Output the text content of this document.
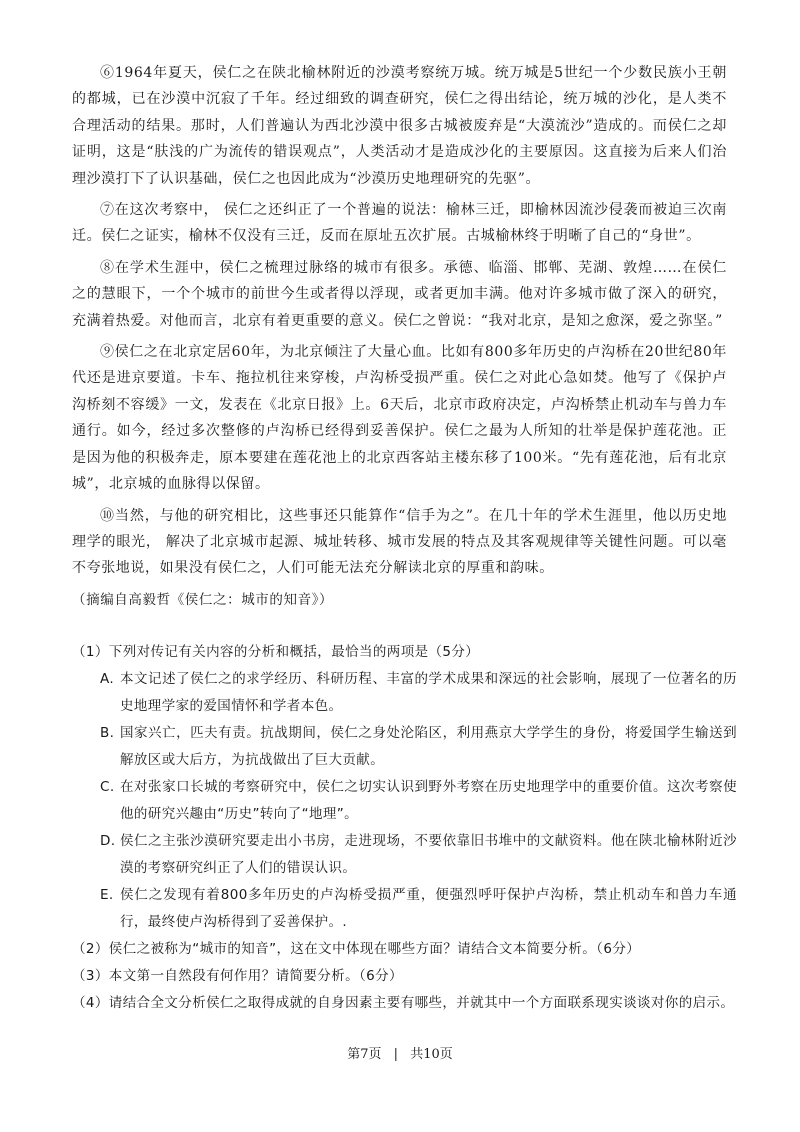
⑥1964年夏天，侯仁之在陕北榆林附近的沙漠考察统万城。统万城是5世纪一个少数民族小王朝的都城，已在沙漠中沉寂了千年。经过细致的调查研究，侯仁之得出结论，统万城的沙化，是人类不合理活动的结果。那时，人们普遍认为西北沙漠中很多古城被废弃是“大漠流沙”造成的。而侯仁之却证明，这是“肤浅的广为流传的错误观点”，人类活动才是造成沙化的主要原因。这直接为后来人们治理沙漠打下了认识基础，侯仁之也因此成为“沙漠历史地理研究的先驱”。

⑦在这次考察中， 侯仁之还纠正了一个普遍的说法：榆林三迁，即榆林因流沙侵袭而被迫三次南迁。侯仁之证实，榆林不仅没有三迁，反而在原址五次扩展。古城榆林终于明晰了自己的“身世”。

⑧在学术生涯中，侯仁之梳理过脉络的城市有很多。承德、临淄、邯郸、芜湖、敦煌……在侯仁之的慧眼下，一个个城市的前世今生或者得以浮现，或者更加丰满。他对许多城市做了深入的研究，充满着热爱。对他而言，北京有着更重要的意义。侯仁之曾说：“我对北京，是知之愈深，爱之弥坚。”

⑨侯仁之在北京定居60年，为北京倾注了大量心血。比如有800多年历史的卢沟桥在20世纪80年代还是进京要道。卡车、拖拉机往来穿梭，卢沟桥受损严重。侯仁之对此心急如焚。他写了《保护卢沟桥刻不容缓》一文，发表在《北京日报》上。6天后，北京市政府决定，卢沟桥禁止机动车与兽力车通行。如今，经过多次整修的卢沟桥已经得到妥善保护。侯仁之最为人所知的壮举是保护莲花池。正是因为他的积极奔走，原本要建在莲花池上的北京西客站主楼东移了100米。“先有莲花池，后有北京城”，北京城的血脉得以保留。

⑩当然，与他的研究相比，这些事还只能算作“信手为之”。在几十年的学术生涯里，他以历史地理学的眼光， 解决了北京城市起源、城址转移、城市发展的特点及其客观规律等关键性问题。可以毫不夸张地说，如果没有侯仁之，人们可能无法充分解读北京的厚重和韵味。

（摘编自高毅哲《侯仁之：城市的知音》）

（1）下列对传记有关内容的分析和概括，最恰当的两项是（5分）

A. 本文记述了侯仁之的求学经历、科研历程、丰富的学术成果和深远的社会影响，展现了一位著名的历史地理学家的爱国情怀和学者本色。
B. 国家兴亡，匹夫有责。抗战期间，侯仁之身处沦陷区，利用燕京大学学生的身份，将爱国学生输送到解放区或大后方，为抗战做出了巨大贡献。
C. 在对张家口长城的考察研究中，侯仁之切实认识到野外考察在历史地理学中的重要价值。这次考察使他的研究兴趣由“历史”转向了“地理”。
D. 侯仁之主张沙漠研究要走出小书房，走进现场，不要依靠旧书堆中的文献资料。他在陕北榆林附近沙漠的考察研究纠正了人们的错误认识。
E. 侯仁之发现有着800多年历史的卢沟桥受损严重，便强烈呼吁保护卢沟桥，禁止机动车和兽力车通行，最终使卢沟桥得到了妥善保护。.

（2）侯仁之被称为“城市的知音”，这在文中体现在哪些方面？请结合文本简要分析。（6分）

（3）本文第一自然段有何作用？请简要分析。（6分）

（4）请结合全文分析侯仁之取得成就的自身因素主要有哪些，并就其中一个方面联系现实谈谈对你的启示。

第7页 | 共10页
